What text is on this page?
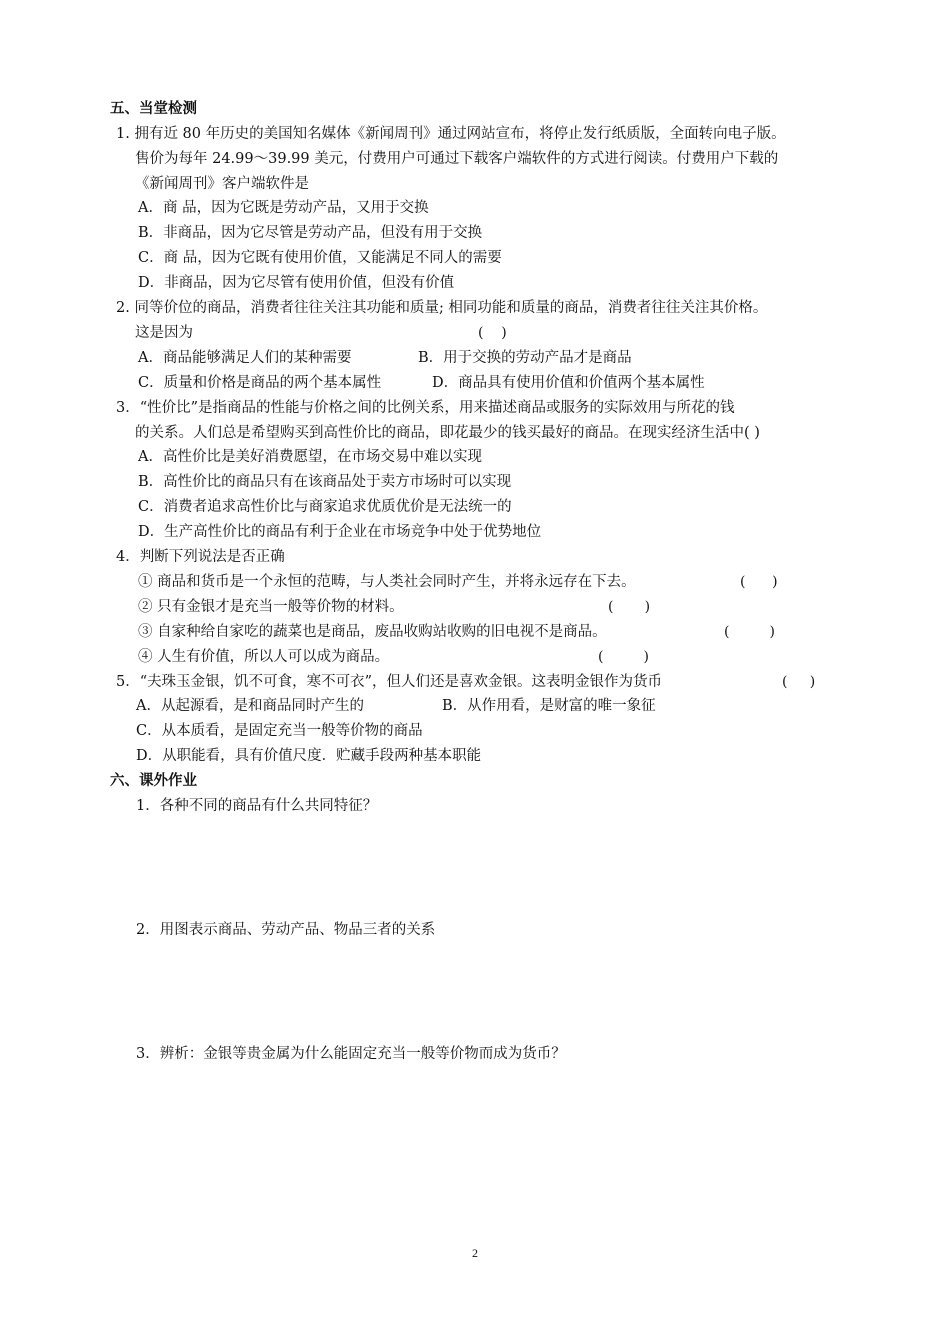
五、当堂检测
1. 拥有近 80 年历史的美国知名媒体《新闻周刊》通过网站宣布，将停止发行纸质版，全面转向电子版。
售价为每年 24.99～39.99 美元，付费用户可通过下载客户端软件的方式进行阅读。付费用户下载的
《新闻周刊》客户端软件是
A．商 品，因为它既是劳动产品，又用于交换
B．非商品，因为它尽管是劳动产品，但没有用于交换
C．商 品，因为它既有使用价值，又能满足不同人的需要
D．非商品，因为它尽管有使用价值，但没有价值
2. 同等价位的商品，消费者往往关注其功能和质量; 相同功能和质量的商品，消费者往往关注其价格。
这是因为	(    )
A．商品能够满足人们的某种需要	B．用于交换的劳动产品才是商品
C．质量和价格是商品的两个基本属性	D．商品具有使用价值和价值两个基本属性
3．“性价比”是指商品的性能与价格之间的比例关系，用来描述商品或服务的实际效用与所花的钱
的关系。人们总是希望购买到高性价比的商品，即花最少的钱买最好的商品。在现实经济生活中( )
A．高性价比是美好消费愿望，在市场交易中难以实现
B．高性价比的商品只有在该商品处于卖方市场时可以实现
C．消费者追求高性价比与商家追求优质优价是无法统一的
D．生产高性价比的商品有利于企业在市场竞争中处于优势地位
4．判断下列说法是否正确
① 商品和货币是一个永恒的范畴，与人类社会同时产生，并将永远存在下去。	(      )
② 只有金银才是充当一般等价物的材料。	(       )
③ 自家种给自家吃的蔬菜也是商品，废品收购站收购的旧电视不是商品。	(         )
④ 人生有价值，所以人可以成为商品。	(         )
5．“夫珠玉金银，饥不可食，寒不可衣”，但人们还是喜欢金银。这表明金银作为货币	(     )
A．从起源看，是和商品同时产生的	B．从作用看，是财富的唯一象征
C．从本质看，是固定充当一般等价物的商品
D．从职能看，具有价值尺度．贮藏手段两种基本职能
六、课外作业
1．各种不同的商品有什么共同特征？
2．用图表示商品、劳动产品、物品三者的关系
3．辨析：金银等贵金属为什么能固定充当一般等价物而成为货币？
2
